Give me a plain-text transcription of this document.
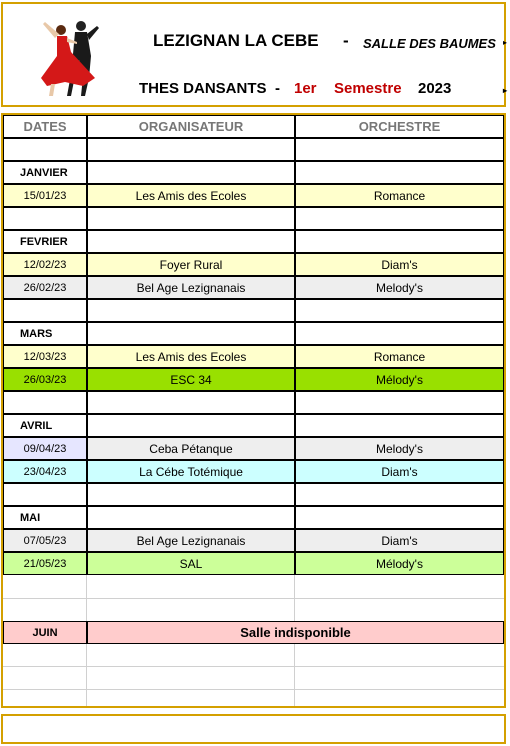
LEZIGNAN LA CEBE - SALLE DES BAUMES ▸
THES DANSANTS - 1er Semestre 2023	▸
DATES	ORGANISATEUR	ORCHESTRE
JANVIER
15/01/23	Les Amis des Ecoles	Romance
FEVRIER
12/02/23	Foyer Rural	Diam's
26/02/23	Bel Age Lezignanais	Melody's
MARS
12/03/23	Les Amis des Ecoles	Romance
26/03/23	ESC 34	Mélody's
AVRIL
09/04/23	Ceba Pétanque	Melody's
23/04/23	La Cébe Totémique	Diam's
MAI
07/05/23	Bel Age Lezignanais	Diam's
21/05/23	SAL	Mélody's
JUIN	Salle indisponible
